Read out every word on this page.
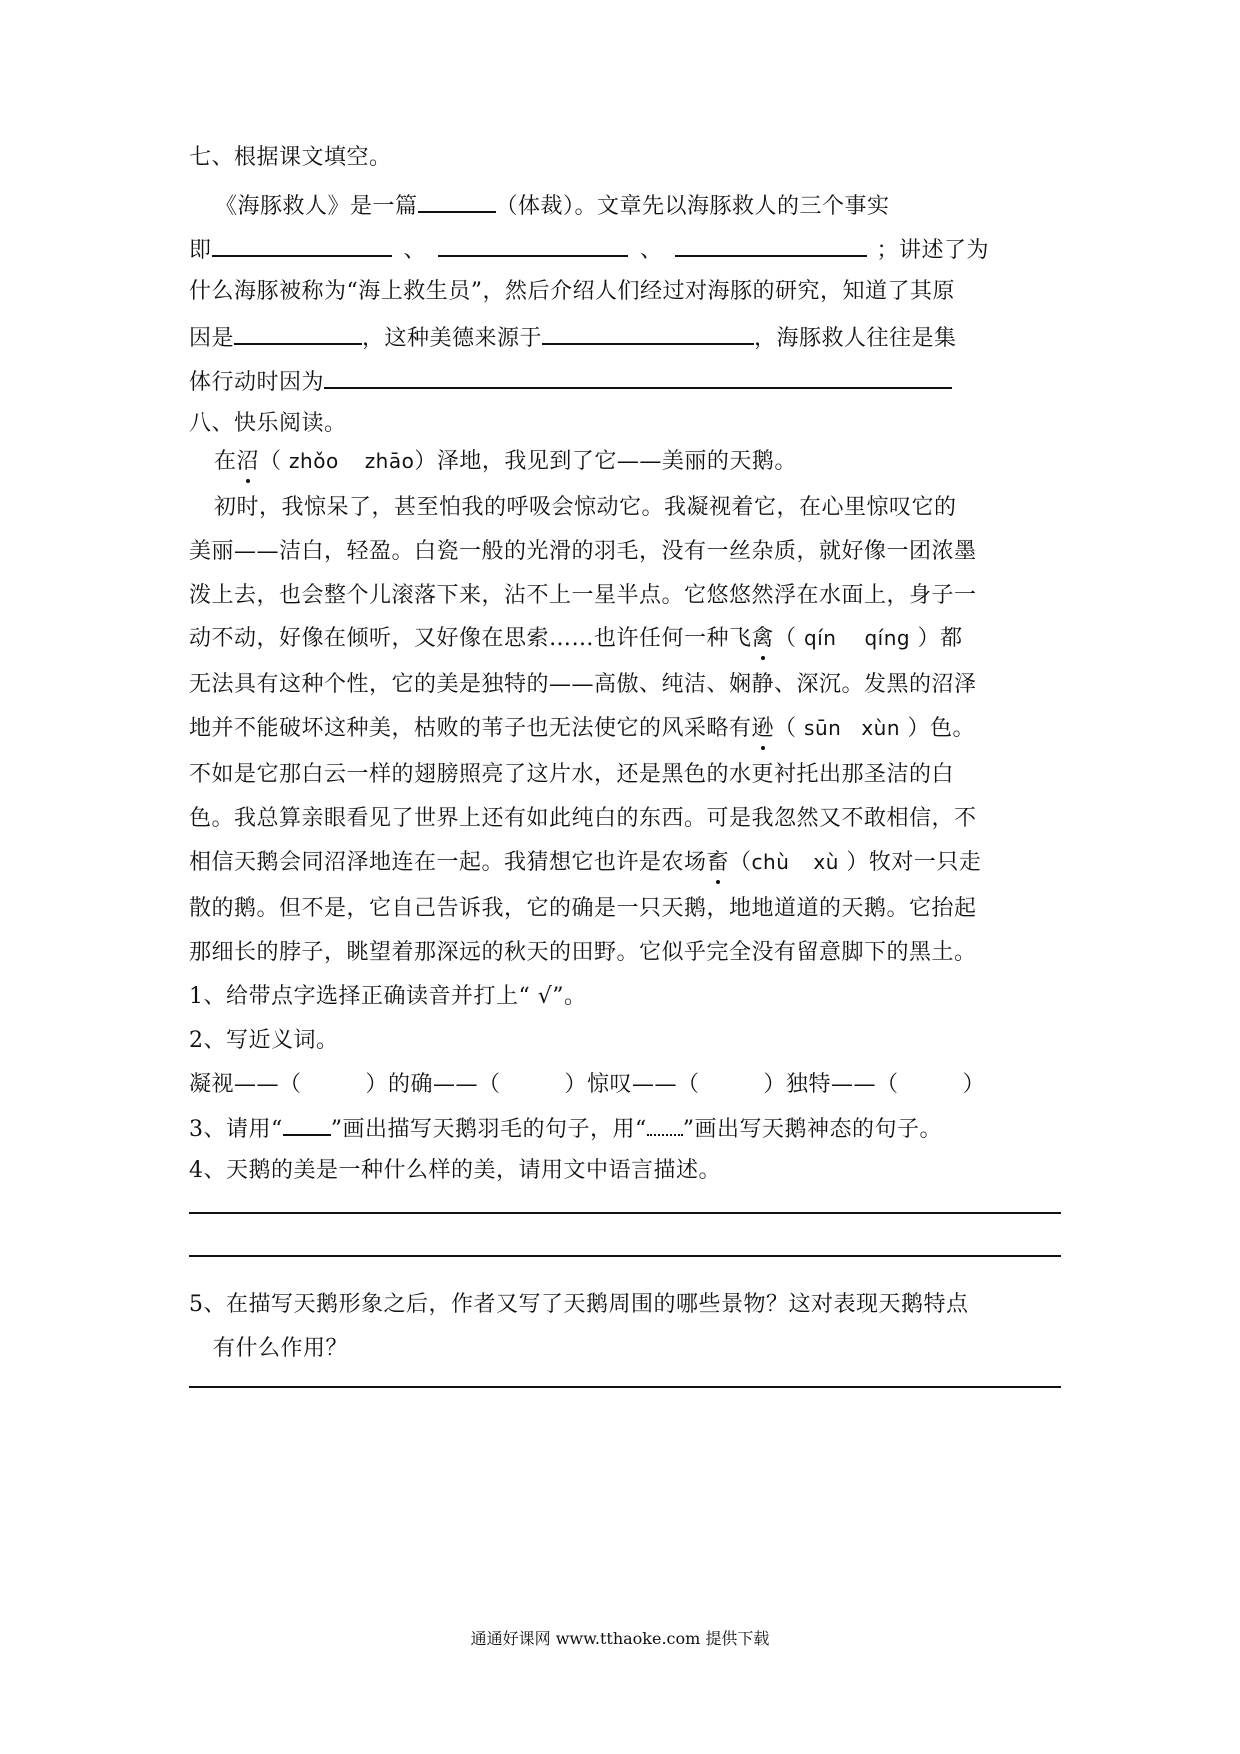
七、根据课文填空。
《海豚救人》是一篇	（体裁）。文章先以海豚救人的三个事实
即	、	、	；讲述了为
什么海豚被称为“海上救生员”，然后介绍人们经过对海豚的研究，知道了其原
因是	，这种美德来源于	，海豚救人往往是集
体行动时因为
八、快乐阅读。
在沼（ zhǒo zhāo）泽地，我见到了它——美丽的天鹅。
初时，我惊呆了，甚至怕我的呼吸会惊动它。我凝视着它，在心里惊叹它的
美丽——洁白，轻盈。白瓷一般的光滑的羽毛，没有一丝杂质，就好像一团浓墨
泼上去，也会整个儿滚落下来，沾不上一星半点。它悠悠然浮在水面上，身子一
动不动，好像在倾听，又好像在思索……也许任何一种飞禽（ qín qíng ）都
无法具有这种个性，它的美是独特的——高傲、纯洁、娴静、深沉。发黑的沼泽
地并不能破坏这种美，枯败的苇子也无法使它的风采略有逊（ sūn xùn ）色。
不如是它那白云一样的翅膀照亮了这片水，还是黑色的水更衬托出那圣洁的白
色。我总算亲眼看见了世界上还有如此纯白的东西。可是我忽然又不敢相信，不
相信天鹅会同沼泽地连在一起。我猜想它也许是农场畜（chù xù ）牧对一只走
散的鹅。但不是，它自己告诉我，它的确是一只天鹅，地地道道的天鹅。它抬起
那细长的脖子，眺望着那深远的秋天的田野。它似乎完全没有留意脚下的黑土。
1、给带点字选择正确读音并打上“ √”。
2、写近义词。
凝视——（	）的确——（	）惊叹——（	）独特——（	）
3、请用“ ”画出描写天鹅羽毛的句子，用“ ”画出写天鹅神态的句子。
4、天鹅的美是一种什么样的美，请用文中语言描述。
5、在描写天鹅形象之后，作者又写了天鹅周围的哪些景物？这对表现天鹅特点
有什么作用？
通通好课网 www.tthaoke.com 提供下载
